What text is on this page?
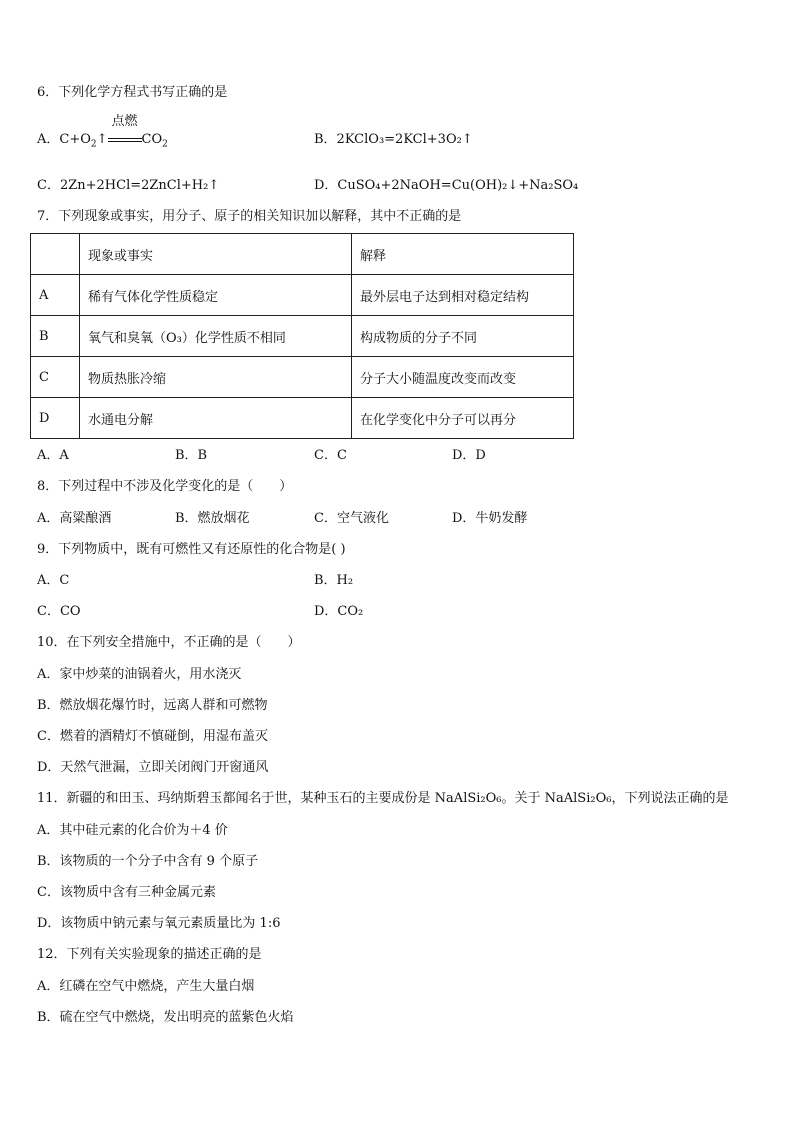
6．下列化学方程式书写正确的是
A．$C+O_2↑$
点燃
$CO_2$	B．2KClO₃=2KCl+3O₂↑
C．2Zn+2HCl=2ZnCl+H₂↑	D．CuSO₄+2NaOH=Cu(OH)₂↓+Na₂SO₄
7．下列现象或事实，用分子、原子的相关知识加以解释，其中不正确的是
	现象或事实	解释
A	稀有气体化学性质稳定	最外层电子达到相对稳定结构
B	氧气和臭氧（O₃）化学性质不相同	构成物质的分子不同
C	物质热胀冷缩	分子大小随温度改变而改变
D	水通电分解	在化学变化中分子可以再分
A．A	B．B	C．C	D．D
8．下列过程中不涉及化学变化的是（　　）
A．高粱酿酒	B．燃放烟花	C．空气液化	D．牛奶发酵
9．下列物质中，既有可燃性又有还原性的化合物是( )
A．C	B．H₂
C．CO	D．CO₂
10．在下列安全措施中，不正确的是（　　）
A．家中炒菜的油锅着火，用水浇灭
B．燃放烟花爆竹时，远离人群和可燃物
C．燃着的酒精灯不慎碰倒，用湿布盖灭
D．天然气泄漏，立即关闭阀门开窗通风
11．新疆的和田玉、玛纳斯碧玉都闻名于世，某种玉石的主要成份是 NaAlSi₂O₆。关于 NaAlSi₂O₆，下列说法正确的是
A．其中硅元素的化合价为＋4 价
B．该物质的一个分子中含有 9 个原子
C．该物质中含有三种金属元素
D．该物质中钠元素与氧元素质量比为 1:6
12．下列有关实验现象的描述正确的是
A．红磷在空气中燃烧，产生大量白烟
B．硫在空气中燃烧，发出明亮的蓝紫色火焰
